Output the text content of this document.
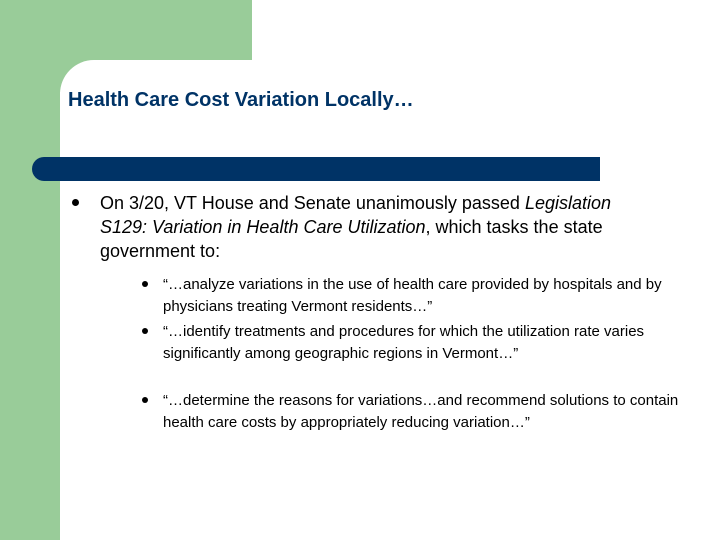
Health Care Cost Variation Locally…
On 3/20, VT House and Senate unanimously passed Legislation S129: Variation in Health Care Utilization, which tasks the state government to:
“…analyze variations in the use of health care provided by hospitals and by physicians treating Vermont residents…”
“…identify treatments and procedures for which the utilization rate varies significantly among geographic regions in Vermont…”
“…determine the reasons for variations…and recommend solutions to contain health care costs by appropriately reducing variation…”
